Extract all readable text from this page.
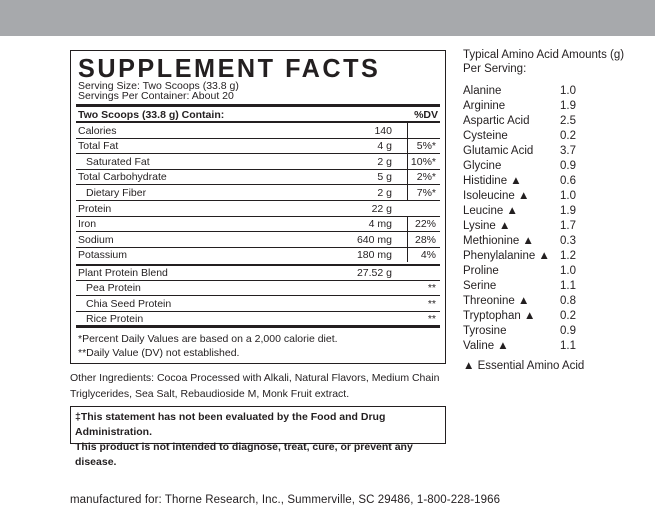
SUPPLEMENT FACTS
Serving Size: Two Scoops (33.8 g)
Servings Per Container: About 20
Two Scoops (33.8 g) Contain:	%DV
Calories	140
Total Fat	4 g 5%*
Saturated Fat	2 g 10%*
Total Carbohydrate	5 g 2%*
Dietary Fiber	2 g 7%*
Protein	22 g
Iron	4 mg 22%
Sodium	640 mg 28%
Potassium	180 mg	4%
Plant Protein Blend	27.52 g
Pea Protein	**
Chia Seed Protein	**
Rice Protein	**
*Percent Daily Values are based on a 2,000 calorie diet.
**Daily Value (DV) not established.
Other Ingredients: Cocoa Processed with Alkali, Natural Flavors, Medium Chain Triglycerides, Sea Salt, Rebaudioside M, Monk Fruit extract.
‡This statement has not been evaluated by the Food and Drug Administration.
This product is not intended to diagnose, treat, cure, or prevent any disease.
Typical Amino Acid Amounts (g)
Per Serving:
Alanine	1.0
Arginine	1.9
Aspartic Acid	2.5
Cysteine	0.2
Glutamic Acid 3.7
Glycine	0.9
Histidine ▲	0.6
Isoleucine ▲	1.0
Leucine ▲	1.9
Lysine ▲	1.7
Methionine ▲ 0.3
Phenylalanine ▲ 1.2
Proline	1.0
Serine	1.1
Threonine ▲	0.8
Tryptophan ▲ 0.2
Tyrosine	0.9
Valine ▲	1.1
▲ Essential Amino Acid
manufactured for: Thorne Research, Inc., Summerville, SC 29486, 1-800-228-1966
